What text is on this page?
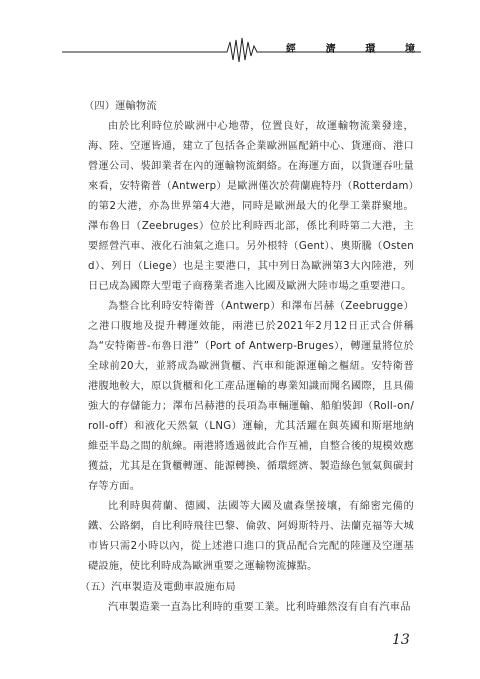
經	濟	環	境

（四）運輸物流

由於比利時位於歐洲中心地帶，位置良好，故運輸物流業發達，海、陸、空運皆通，建立了包括各企業歐洲區配銷中心、貨運商、港口營運公司、裝卸業者在內的運輸物流網絡。在海運方面，以貨運吞吐量來看，安特衛普（Antwerp）是歐洲僅次於荷蘭鹿特丹（Rotterdam）的第2大港，亦為世界第4大港，同時是歐洲最大的化學工業群聚地。澤布魯日（Zeebruges）位於比利時西北部，係比利時第二大港，主要經營汽車、液化石油氣之進口。另外根特（Gent）、奧斯騰（Ostend）、列日（Liege）也是主要港口，其中列日為歐洲第3大內陸港，列日已成為國際大型電子商務業者進入比國及歐洲大陸市場之重要港口。

為整合比利時安特衛普（Antwerp）和澤布呂赫（Zeebrugge）之港口腹地及提升轉運效能，兩港已於2021年2月12日正式合併稱為“安特衛普-布魯日港”（Port of Antwerp-Bruges），轉運量將位於全球前20大，並將成為歐洲貨櫃、汽車和能源運輸之樞紐。安特衛普港腹地較大，原以貨櫃和化工產品運輸的專業知識而聞名國際，且具備強大的存儲能力；澤布呂赫港的長項為車輛運輸、船舶裝卸（Roll-on/roll-off）和液化天然氣（LNG）運輸，尤其活躍在與英國和斯堪地納維亞半島之間的航線。兩港將透過彼此合作互補，自整合後的規模效應獲益，尤其是在貨櫃轉運、能源轉換、循環經濟、製造綠色氫氣與碳封存等方面。

比利時與荷蘭、德國、法國等大國及盧森堡接壤，有綿密完備的鐵、公路網，自比利時飛往巴黎、倫敦、阿姆斯特丹、法蘭克福等大城市皆只需2小時以內，從上述港口進口的貨品配合完配的陸運及空運基礎設施，使比利時成為歐洲重要之運輸物流據點。

（五）汽車製造及電動車設施布局

汽車製造業一直為比利時的重要工業。比利時雖然沒有自有汽車品

13
